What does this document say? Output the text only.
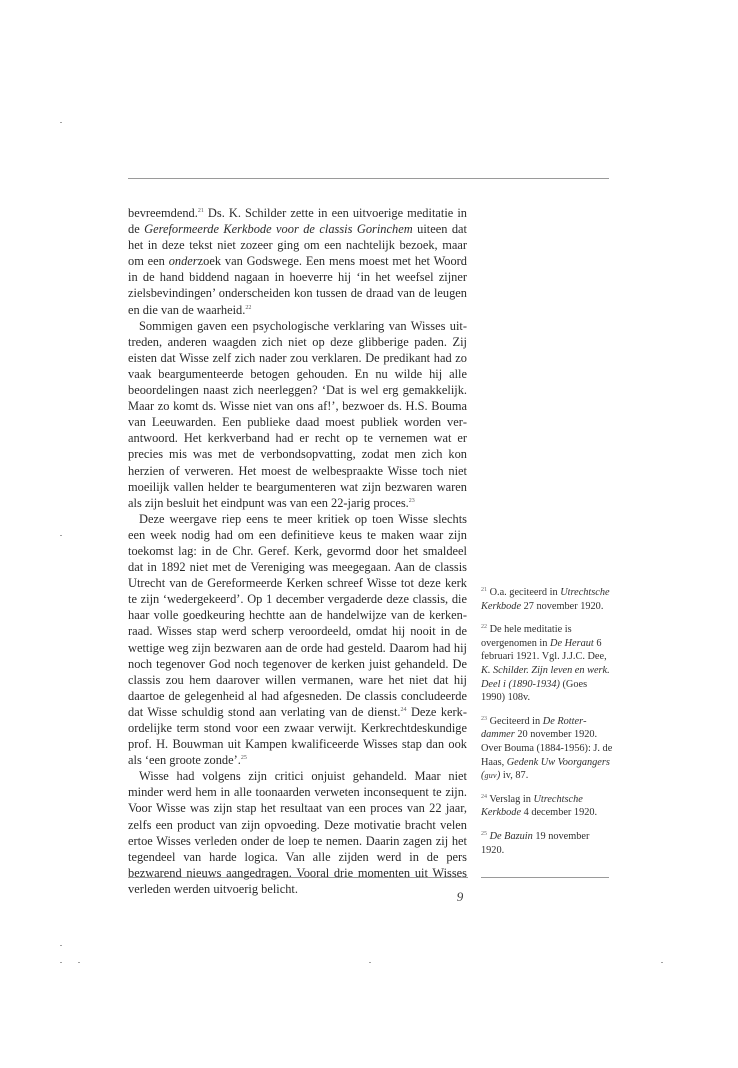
bevreemdend.$^{21}$ Ds. K. Schilder zette in een uitvoerige meditatie in de Gereformeerde Kerkbode voor de classis Gorinchem uiteen dat het in deze tekst niet zozeer ging om een nachtelijk bezoek, maar om een onderzoek van Godswege. Een mens moest met het Woord in de hand biddend nagaan in hoeverre hij ‘in het weefsel zijner zielsbevindingen’ onderscheiden kon tussen de draad van de leugen en die van de waarheid.$^{22}$

Sommigen gaven een psychologische verklaring van Wisses uittreden, anderen waagden zich niet op deze glibberige paden. Zij eisten dat Wisse zelf zich nader zou verklaren. De predikant had zo vaak beargumenteerde betogen gehouden. En nu wilde hij alle beoordelingen naast zich neerleggen? ‘Dat is wel erg gemakkelijk. Maar zo komt ds. Wisse niet van ons af!’, bezwoer ds. H.S. Bouma van Leeuwarden. Een publieke daad moest publiek worden verantwoord. Het kerkverband had er recht op te vernemen wat er precies mis was met de verbondsopvatting, zodat men zich kon herzien of verweren. Het moest de welbespraakte Wisse toch niet moeilijk vallen helder te beargumenteren wat zijn bezwaren waren als zijn besluit het eindpunt was van een 22-jarig proces.$^{23}$

Deze weergave riep eens te meer kritiek op toen Wisse slechts een week nodig had om een definitieve keus te maken waar zijn toekomst lag: in de Chr. Geref. Kerk, gevormd door het smaldeel dat in 1892 niet met de Vereniging was meegegaan. Aan de classis Utrecht van de Gereformeerde Kerken schreef Wisse tot deze kerk te zijn ‘wedergekeerd’. Op 1 december vergaderde deze classis, die haar volle goedkeuring hechtte aan de handelwijze van de kerkenraad. Wisses stap werd scherp veroordeeld, omdat hij nooit in de wettige weg zijn bezwaren aan de orde had gesteld. Daarom had hij noch tegenover God noch tegenover de kerken juist gehandeld. De classis zou hem daarover willen vermanen, ware het niet dat hij daartoe de gelegenheid al had afgesneden. De classis concludeerde dat Wisse schuldig stond aan verlating van de dienst.$^{24}$ Deze kerkordelijke term stond voor een zwaar verwijt. Kerkrechtdeskundige prof. H. Bouwman uit Kampen kwalificeerde Wisses stap dan ook als ‘een groote zonde’.$^{25}$

Wisse had volgens zijn critici onjuist gehandeld. Maar niet minder werd hem in alle toonaarden verweten inconsequent te zijn. Voor Wisse was zijn stap het resultaat van een proces van 22 jaar, zelfs een product van zijn opvoeding. Deze motivatie bracht velen ertoe Wisses verleden onder de loep te nemen. Daarin zagen zij het tegendeel van harde logica. Van alle zijden werd in de pers bezwarend nieuws aangedragen. Vooral drie momenten uit Wisses verleden werden uitvoerig belicht.

$^{21}$ O.a. geciteerd in Utrechtsche Kerkbode 27 november 1920.

$^{22}$ De hele meditatie is overgenomen in De Heraut 6 februari 1921. Vgl. J.J.C. Dee, K. Schilder. Zijn leven en werk. Deel i (1890-1934) (Goes 1990) 108v.

$^{23}$ Geciteerd in De Rotterdammer 20 november 1920. Over Bouma (1884-1956): J. de Haas, Gedenk Uw Voorgangers (guv) iv, 87.

$^{24}$ Verslag in Utrechtsche Kerkbode 4 december 1920.

$^{25}$ De Bazuin 19 november 1920.

9
